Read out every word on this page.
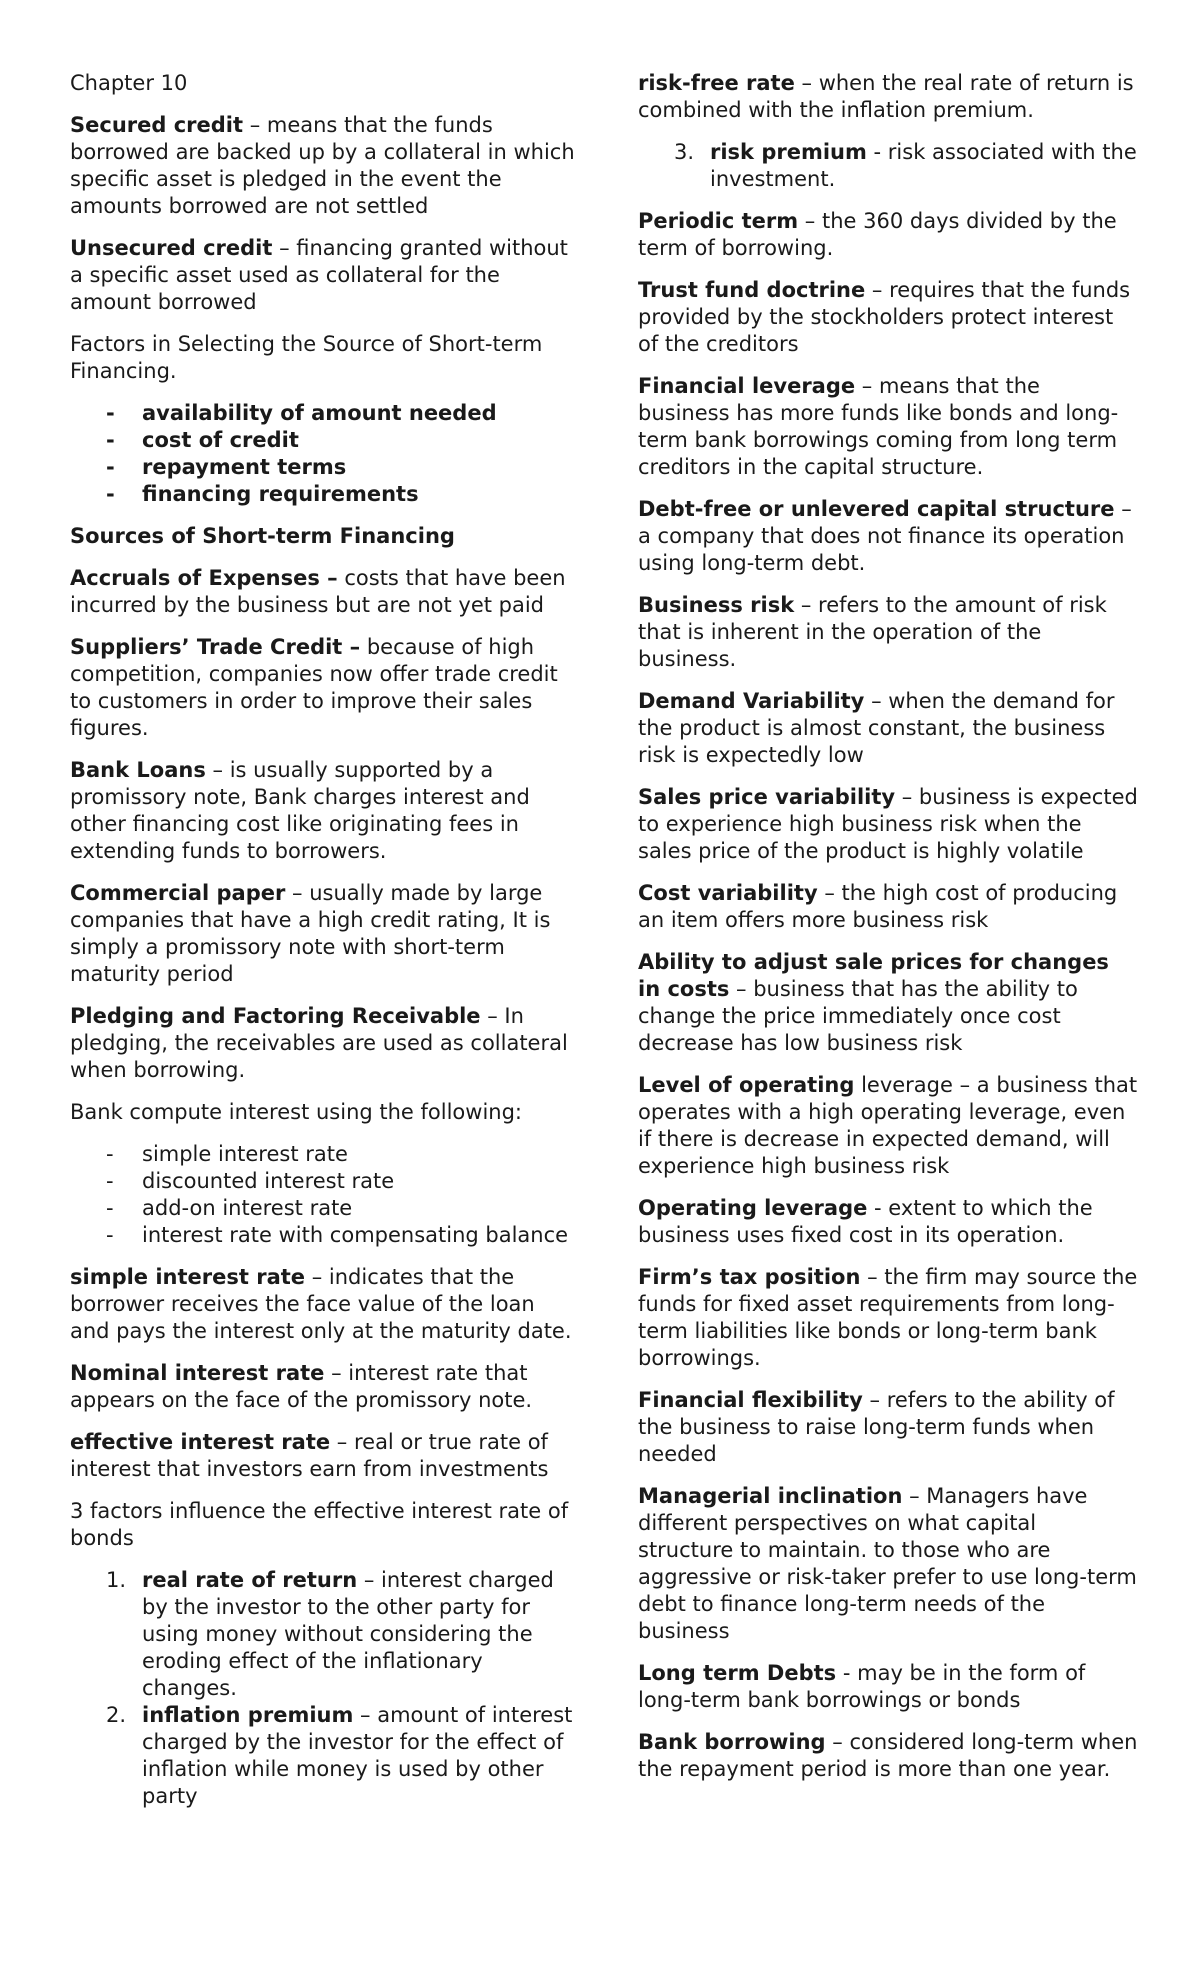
Chapter 10

Secured credit – means that the funds borrowed are backed up by a collateral in which specific asset is pledged in the event the amounts borrowed are not settled

Unsecured credit – financing granted without a specific asset used as collateral for the amount borrowed

Factors in Selecting the Source of Short-term Financing.

- availability of amount needed
- cost of credit
- repayment terms
- financing requirements

Sources of Short-term Financing

Accruals of Expenses – costs that have been incurred by the business but are not yet paid

Suppliers’ Trade Credit – because of high competition, companies now offer trade credit to customers in order to improve their sales figures.

Bank Loans – is usually supported by a promissory note, Bank charges interest and other financing cost like originating fees in extending funds to borrowers.

Commercial paper – usually made by large companies that have a high credit rating, It is simply a promissory note with short-term maturity period

Pledging and Factoring Receivable – In pledging, the receivables are used as collateral when borrowing.

Bank compute interest using the following:

- simple interest rate
- discounted interest rate
- add-on interest rate
- interest rate with compensating balance

simple interest rate – indicates that the borrower receives the face value of the loan and pays the interest only at the maturity date.

Nominal interest rate – interest rate that appears on the face of the promissory note.

effective interest rate – real or true rate of interest that investors earn from investments

3 factors influence the effective interest rate of bonds

1. real rate of return – interest charged by the investor to the other party for using money without considering the eroding effect of the inflationary changes.
2. inflation premium – amount of interest charged by the investor for the effect of inflation while money is used by other party

risk-free rate – when the real rate of return is combined with the inflation premium.

3. risk premium - risk associated with the investment.

Periodic term – the 360 days divided by the term of borrowing.

Trust fund doctrine – requires that the funds provided by the stockholders protect interest of the creditors

Financial leverage – means that the business has more funds like bonds and long-term bank borrowings coming from long term creditors in the capital structure.

Debt-free or unlevered capital structure – a company that does not finance its operation using long-term debt.

Business risk – refers to the amount of risk that is inherent in the operation of the business.

Demand Variability – when the demand for the product is almost constant, the business risk is expectedly low

Sales price variability – business is expected to experience high business risk when the sales price of the product is highly volatile

Cost variability – the high cost of producing an item offers more business risk

Ability to adjust sale prices for changes in costs – business that has the ability to change the price immediately once cost decrease has low business risk

Level of operating leverage – a business that operates with a high operating leverage, even if there is decrease in expected demand, will experience high business risk

Operating leverage - extent to which the business uses fixed cost in its operation.

Firm’s tax position – the firm may source the funds for fixed asset requirements from long-term liabilities like bonds or long-term bank borrowings.

Financial flexibility – refers to the ability of the business to raise long-term funds when needed

Managerial inclination – Managers have different perspectives on what capital structure to maintain. to those who are aggressive or risk-taker prefer to use long-term debt to finance long-term needs of the business

Long term Debts - may be in the form of long-term bank borrowings or bonds

Bank borrowing – considered long-term when the repayment period is more than one year.
